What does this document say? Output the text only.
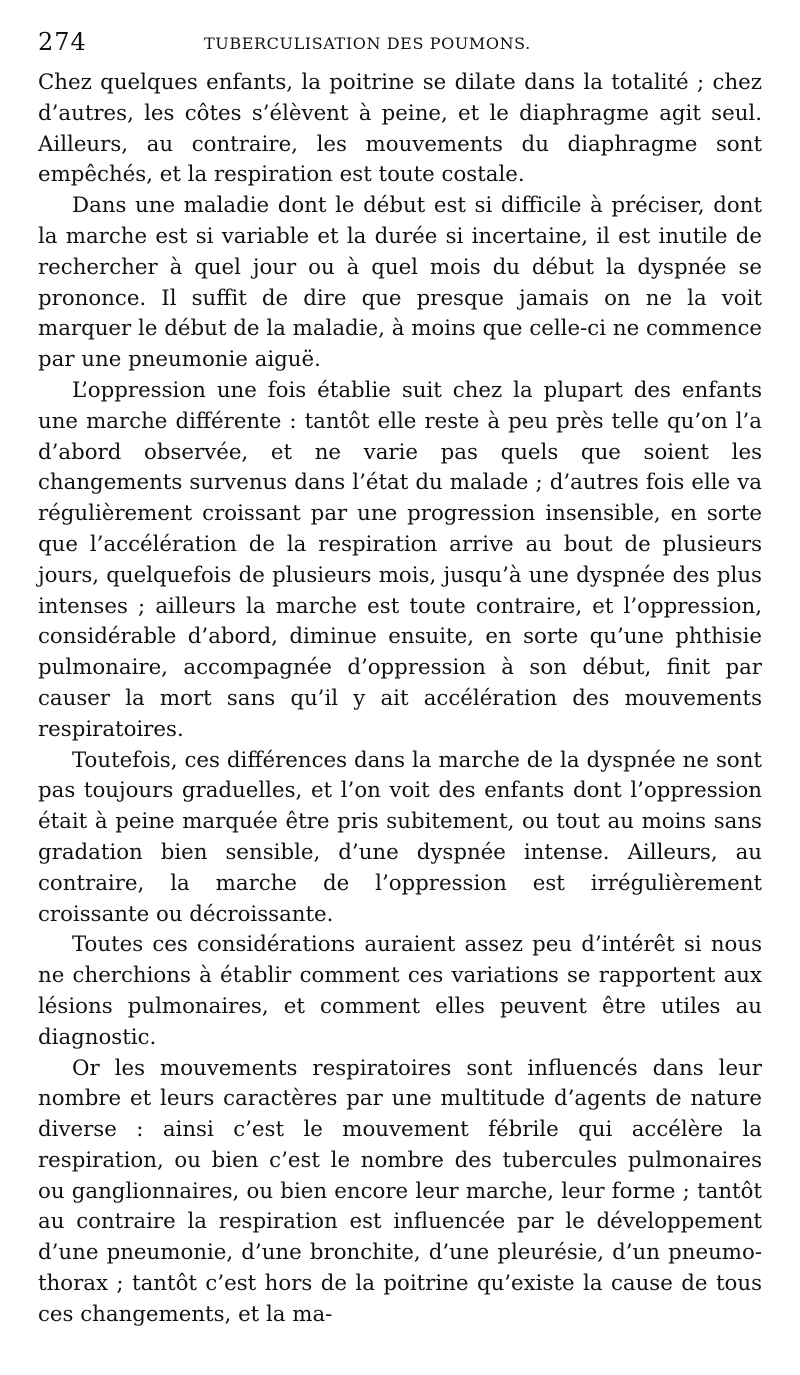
274	TUBERCULISATION DES POUMONS.

Chez quelques enfants, la poitrine se dilate dans la totalité ; chez d’autres, les côtes s’élèvent à peine, et le diaphragme agit seul. Ailleurs, au contraire, les mouvements du diaphragme sont empêchés, et la respiration est toute costale.

Dans une maladie dont le début est si difficile à préciser, dont la marche est si variable et la durée si incertaine, il est inutile de rechercher à quel jour ou à quel mois du début la dyspnée se prononce. Il suffit de dire que presque jamais on ne la voit marquer le début de la maladie, à moins que celle-ci ne commence par une pneumonie aiguë.

L’oppression une fois établie suit chez la plupart des enfants une marche différente : tantôt elle reste à peu près telle qu’on l’a d’abord observée, et ne varie pas quels que soient les changements survenus dans l’état du malade ; d’autres fois elle va régulièrement croissant par une progression insensible, en sorte que l’accélération de la respiration arrive au bout de plusieurs jours, quelquefois de plusieurs mois, jusqu’à une dyspnée des plus intenses ; ailleurs la marche est toute contraire, et l’oppression, considérable d’abord, diminue ensuite, en sorte qu’une phthisie pulmonaire, accompagnée d’oppression à son début, finit par causer la mort sans qu’il y ait accélération des mouvements respiratoires.

Toutefois, ces différences dans la marche de la dyspnée ne sont pas toujours graduelles, et l’on voit des enfants dont l’oppression était à peine marquée être pris subitement, ou tout au moins sans gradation bien sensible, d’une dyspnée intense. Ailleurs, au contraire, la marche de l’oppression est irrégulièrement croissante ou décroissante.

Toutes ces considérations auraient assez peu d’intérêt si nous ne cherchions à établir comment ces variations se rapportent aux lésions pulmonaires, et comment elles peuvent être utiles au diagnostic.

Or les mouvements respiratoires sont influencés dans leur nombre et leurs caractères par une multitude d’agents de nature diverse : ainsi c’est le mouvement fébrile qui accélère la respiration, ou bien c’est le nombre des tubercules pulmonaires ou ganglionnaires, ou bien encore leur marche, leur forme ; tantôt au contraire la respiration est influencée par le développement d’une pneumonie, d’une bronchite, d’une pleurésie, d’un pneumo-thorax ; tantôt c’est hors de la poitrine qu’existe la cause de tous ces changements, et la ma-
